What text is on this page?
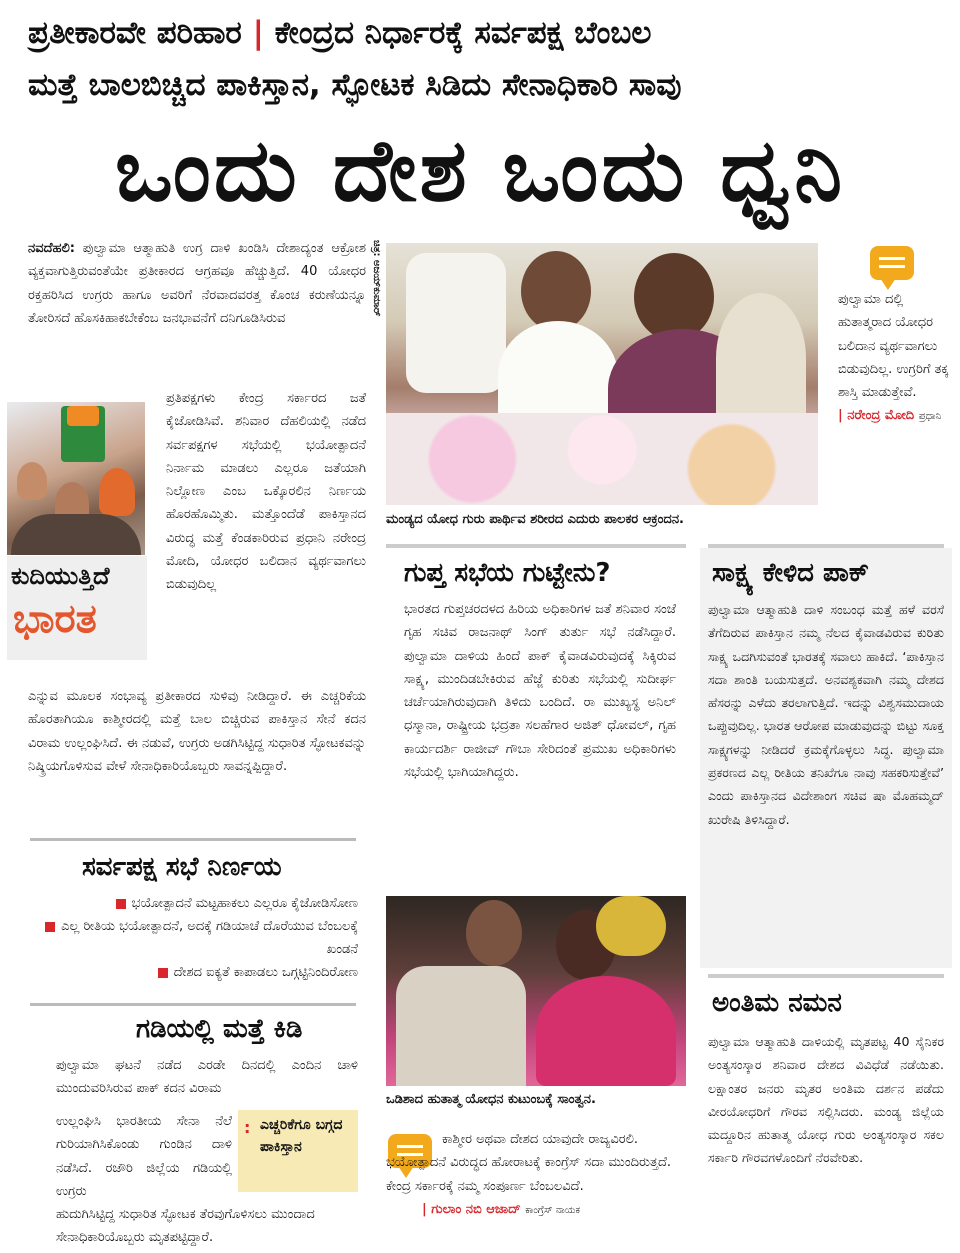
ಪ್ರತೀಕಾರವೇ ಪರಿಹಾರ | ಕೇಂದ್ರದ ನಿರ್ಧಾರಕ್ಕೆ ಸರ್ವಪಕ್ಷ ಬೆಂಬಲ
ಮತ್ತೆ ಬಾಲಬಿಚ್ಚಿದ ಪಾಕಿಸ್ತಾನ, ಸ್ಫೋಟಕ ಸಿಡಿದು ಸೇನಾಧಿಕಾರಿ ಸಾವು
ಒಂದು ದೇಶ ಒಂದು ಧ್ವನಿ

ನವದೆಹಲಿ: ಪುಲ್ವಾಮಾ ಆತ್ಮಾಹುತಿ ಉಗ್ರ ದಾಳಿ ಖಂಡಿಸಿ ದೇಶಾದ್ಯಂತ ಆಕ್ರೋಶ ವ್ಯಕ್ತವಾಗುತ್ತಿರುವಂತೆಯೇ ಪ್ರತೀಕಾರದ ಆಗ್ರಹವೂ ಹೆಚ್ಚುತ್ತಿದೆ. 40 ಯೋಧರ ರಕ್ತಹರಿಸಿದ ಉಗ್ರರು ಹಾಗೂ ಅವರಿಗೆ ನೆರವಾದವರತ್ತ ಕೊಂಚ ಕರುಣೆಯನ್ನೂ ತೋರಿಸದೆ ಹೊಸಕಿಹಾಕಬೇಕೆಂಬ ಜನಭಾವನೆಗೆ ದನಿಗೂಡಿಸಿರುವ

ಕುದಿಯುತ್ತಿದೆ
ಭಾರತ

ಪ್ರತಿಪಕ್ಷಗಳು ಕೇಂದ್ರ ಸರ್ಕಾರದ ಜತೆ ಕೈಜೋಡಿಸಿವೆ. ಶನಿವಾರ ದೆಹಲಿಯಲ್ಲಿ ನಡೆದ ಸರ್ವಪಕ್ಷಗಳ ಸಭೆಯಲ್ಲಿ ಭಯೋತ್ಪಾದನೆ ನಿರ್ನಾಮ ಮಾಡಲು ಎಲ್ಲರೂ ಜತೆಯಾಗಿ ನಿಲ್ಲೋಣ ಎಂಬ ಒಕ್ಕೊರಲಿನ ನಿರ್ಣಯ ಹೊರಹೊಮ್ಮಿತು. ಮತ್ತೊಂದೆಡೆ ಪಾಕಿಸ್ತಾನದ ವಿರುದ್ಧ ಮತ್ತೆ ಕೆಂಡಕಾರಿರುವ ಪ್ರಧಾನಿ ನರೇಂದ್ರ ಮೋದಿ, ಯೋಧರ ಬಲಿದಾನ ವ್ಯರ್ಥವಾಗಲು ಬಿಡುವುದಿಲ್ಲ

ಎನ್ನುವ ಮೂಲಕ ಸಂಭಾವ್ಯ ಪ್ರತೀಕಾರದ ಸುಳಿವು ನೀಡಿದ್ದಾರೆ. ಈ ಎಚ್ಚರಿಕೆಯ ಹೊರತಾಗಿಯೂ ಕಾಶ್ಮೀರದಲ್ಲಿ ಮತ್ತೆ ಬಾಲ ಬಿಚ್ಚಿರುವ ಪಾಕಿಸ್ತಾನ ಸೇನೆ ಕದನ ವಿರಾಮ ಉಲ್ಲಂಘಿಸಿದೆ. ಈ ನಡುವೆ, ಉಗ್ರರು ಅಡಗಿಸಿಟ್ಟಿದ್ದ ಸುಧಾರಿತ ಸ್ಫೋಟಕವನ್ನು ನಿಷ್ಕ್ರಿಯಗೊಳಿಸುವ ವೇಳೆ ಸೇನಾಧಿಕಾರಿಯೊಬ್ಬರು ಸಾವನ್ನಪ್ಪಿದ್ದಾರೆ.

ಚಿತ್ರ: ಅಜಯ್‌ಕುಮಾರ್
ಮಂಡ್ಯದ ಯೋಧ ಗುರು ಪಾರ್ಥಿವ ಶರೀರದ ಎದುರು ಪಾಲಕರ ಆಕ್ರಂದನ.

ಪುಲ್ವಾಮಾ ದಲ್ಲಿ ಹುತಾತ್ಮರಾದ ಯೋಧರ ಬಲಿದಾನ ವ್ಯರ್ಥವಾಗಲು ಬಿಡುವುದಿಲ್ಲ. ಉಗ್ರರಿಗೆ ತಕ್ಕ ಶಾಸ್ತಿ ಮಾಡುತ್ತೇವೆ.

| ನರೇಂದ್ರ ಮೋದಿ ಪ್ರಧಾನಿ
ಗುಪ್ತ ಸಭೆಯ ಗುಟ್ಟೇನು?

ಭಾರತದ ಗುಪ್ತಚರದಳದ ಹಿರಿಯ ಅಧಿಕಾರಿಗಳ ಜತೆ ಶನಿವಾರ ಸಂಜೆ ಗೃಹ ಸಚಿವ ರಾಜನಾಥ್ ಸಿಂಗ್ ತುರ್ತು ಸಭೆ ನಡೆಸಿದ್ದಾರೆ. ಪುಲ್ವಾಮಾ ದಾಳಿಯ ಹಿಂದೆ ಪಾಕ್ ಕೈವಾಡವಿರುವುದಕ್ಕೆ ಸಿಕ್ಕಿರುವ ಸಾಕ್ಷ್ಯ, ಮುಂದಿಡಬೇಕಿರುವ ಹೆಜ್ಜೆ ಕುರಿತು ಸಭೆಯಲ್ಲಿ ಸುದೀರ್ಘ ಚರ್ಚೆಯಾಗಿರುವುದಾಗಿ ತಿಳಿದು ಬಂದಿದೆ. ರಾ ಮುಖ್ಯಸ್ಥ ಅನಿಲ್ ಧಸ್ಮಾನಾ, ರಾಷ್ಟ್ರೀಯ ಭದ್ರತಾ ಸಲಹೆಗಾರ ಅಜಿತ್ ಧೋವಲ್, ಗೃಹ ಕಾರ್ಯದರ್ಶಿ ರಾಜೀವ್ ಗೌಬಾ ಸೇರಿದಂತೆ ಪ್ರಮುಖ ಅಧಿಕಾರಿಗಳು ಸಭೆಯಲ್ಲಿ ಭಾಗಿಯಾಗಿದ್ದರು.

ಒಡಿಶಾದ ಹುತಾತ್ಮ ಯೋಧನ ಕುಟುಂಬಕ್ಕೆ ಸಾಂತ್ವನ.

ಕಾಶ್ಮೀರ ಅಥವಾ ದೇಶದ ಯಾವುದೇ ರಾಜ್ಯವಿರಲಿ. ಭಯೋತ್ಪಾದನೆ ವಿರುದ್ಧದ ಹೋರಾಟಕ್ಕೆ ಕಾಂಗ್ರೆಸ್ ಸದಾ ಮುಂದಿರುತ್ತದೆ. ಕೇಂದ್ರ ಸರ್ಕಾರಕ್ಕೆ ನಮ್ಮ ಸಂಪೂರ್ಣ ಬೆಂಬಲವಿದೆ.

| ಗುಲಾಂ ನಬಿ ಆಜಾದ್ ಕಾಂಗ್ರೆಸ್ ನಾಯಕ
ಸಾಕ್ಷ್ಯ ಕೇಳಿದ ಪಾಕ್

ಪುಲ್ವಾಮಾ ಆತ್ಮಾಹುತಿ ದಾಳಿ ಸಂಬಂಧ ಮತ್ತೆ ಹಳೆ ವರಸೆ ತೆಗೆದಿರುವ ಪಾಕಿಸ್ತಾನ ನಮ್ಮ ನೆಲದ ಕೈವಾಡವಿರುವ ಕುರಿತು ಸಾಕ್ಷ್ಯ ಒದಗಿಸುವಂತೆ ಭಾರತಕ್ಕೆ ಸವಾಲು ಹಾಕಿದೆ. ‘ಪಾಕಿಸ್ತಾನ ಸದಾ ಶಾಂತಿ ಬಯಸುತ್ತದೆ. ಅನವಶ್ಯಕವಾಗಿ ನಮ್ಮ ದೇಶದ ಹೆಸರನ್ನು ಎಳೆದು ತರಲಾಗುತ್ತಿದೆ. ಇದನ್ನು ವಿಶ್ವಸಮುದಾಯ ಒಪ್ಪುವುದಿಲ್ಲ. ಭಾರತ ಆರೋಪ ಮಾಡುವುದನ್ನು ಬಿಟ್ಟು ಸೂಕ್ತ ಸಾಕ್ಷ್ಯಗಳನ್ನು ನೀಡಿದರೆ ಕ್ರಮಕ್ಕೆಗೊಳ್ಳಲು ಸಿದ್ಧ. ಪುಲ್ವಾಮಾ ಪ್ರಕರಣದ ಎಲ್ಲ ರೀತಿಯ ತನಿಖೆಗೂ ನಾವು ಸಹಕರಿಸುತ್ತೇವೆ’ ಎಂದು ಪಾಕಿಸ್ತಾನದ ವಿದೇಶಾಂಗ ಸಚಿವ ಷಾ ಮೊಹಮ್ಮದ್ ಖುರೇಷಿ ತಿಳಿಸಿದ್ದಾರೆ.

ಅಂತಿಮ ನಮನ

ಪುಲ್ವಾಮಾ ಆತ್ಮಾಹುತಿ ದಾಳಿಯಲ್ಲಿ ಮೃತಪಟ್ಟ 40 ಸೈನಿಕರ ಅಂತ್ಯಸಂಸ್ಕಾರ ಶನಿವಾರ ದೇಶದ ವಿವಿಧೆಡೆ ನಡೆಯಿತು. ಲಕ್ಷಾಂತರ ಜನರು ಮೃತರ ಅಂತಿಮ ದರ್ಶನ ಪಡೆದು ವೀರಯೋಧರಿಗೆ ಗೌರವ ಸಲ್ಲಿಸಿದರು. ಮಂಡ್ಯ ಜಿಲ್ಲೆಯ ಮದ್ದೂರಿನ ಹುತಾತ್ಮ ಯೋಧ ಗುರು ಅಂತ್ಯಸಂಸ್ಕಾರ ಸಕಲ ಸರ್ಕಾರಿ ಗೌರವಗಳೊಂದಿಗೆ ನೆರವೇರಿತು.

ಸರ್ವಪಕ್ಷ ಸಭೆ ನಿರ್ಣಯ
ಭಯೋತ್ಪಾದನೆ ಮಟ್ಟಹಾಕಲು ಎಲ್ಲರೂ ಕೈಜೋಡಿಸೋಣ
ಎಲ್ಲ ರೀತಿಯ ಭಯೋತ್ಪಾದನೆ, ಅದಕ್ಕೆ ಗಡಿಯಾಚೆ ದೊರೆಯುವ ಬೆಂಬಲಕ್ಕೆ ಖಂಡನೆ
ದೇಶದ ಐಕ್ಯತೆ ಕಾಪಾಡಲು ಒಗ್ಗಟ್ಟಿನಿಂದಿರೋಣ
ಗಡಿಯಲ್ಲಿ ಮತ್ತೆ ಕಿಡಿ

ಪುಲ್ವಾಮಾ ಘಟನೆ ನಡೆದ ಎರಡೇ ದಿನದಲ್ಲಿ ಎಂದಿನ ಚಾಳಿ ಮುಂದುವರಿಸಿರುವ ಪಾಕ್ ಕದನ ವಿರಾಮ

ಉಲ್ಲಂಘಿಸಿ ಭಾರತೀಯ ಸೇನಾ ನೆಲೆ ಗುರಿಯಾಗಿಸಿಕೊಂಡು ಗುಂಡಿನ ದಾಳಿ ನಡೆಸಿದೆ. ರಜೌರಿ ಜಿಲ್ಲೆಯ ಗಡಿಯಲ್ಲಿ ಉಗ್ರರು

: ಎಚ್ಚರಿಕೆಗೂ ಬಗ್ಗದ ಪಾಕಿಸ್ತಾನ

ಹುದುಗಿಸಿಟ್ಟಿದ್ದ ಸುಧಾರಿತ ಸ್ಫೋಟಕ ತೆರವುಗೊಳಿಸಲು ಮುಂದಾದ ಸೇನಾಧಿಕಾರಿಯೊಬ್ಬರು ಮೃತಪಟ್ಟಿದ್ದಾರೆ.
